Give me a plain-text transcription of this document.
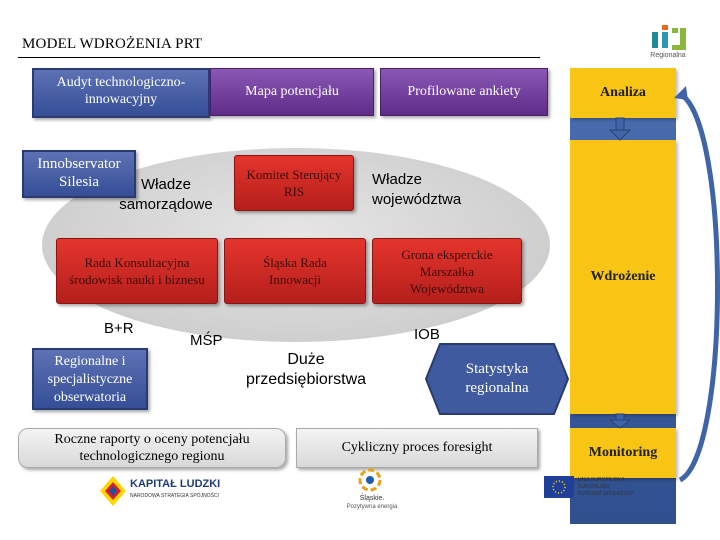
MODEL WDROŻENIA PRT
Regionalna
Analiza
Wdrożenie
Monitoring
Audyt technologiczno-innowacyjny
Mapa potencjału	Profilowane ankiety
Innobservator Silesia	Władze samorządowe
Komitet Sterujący RIS
Władze województwa
Rada Konsultacyjna środowisk nauki i biznesu
Śląska Rada Innowacji
Grona eksperckie Marszałka Województwa
B+R
MŚP	IOB
Duże przedsiębiorstwa
Regionalne i specjalistyczne obserwatoria
Statystyka regionalna
Roczne raporty o oceny potencjału technologicznego regionu
Cykliczny proces foresight
KAPITAŁ LUDZKI
NARODOWA STRATEGIA SPÓJNOŚCI	Śląskie.
Pozytywna energia
UNIA EUROPEJSKA
EUROPEJSKI
FUNDUSZ SPOŁECZNY
